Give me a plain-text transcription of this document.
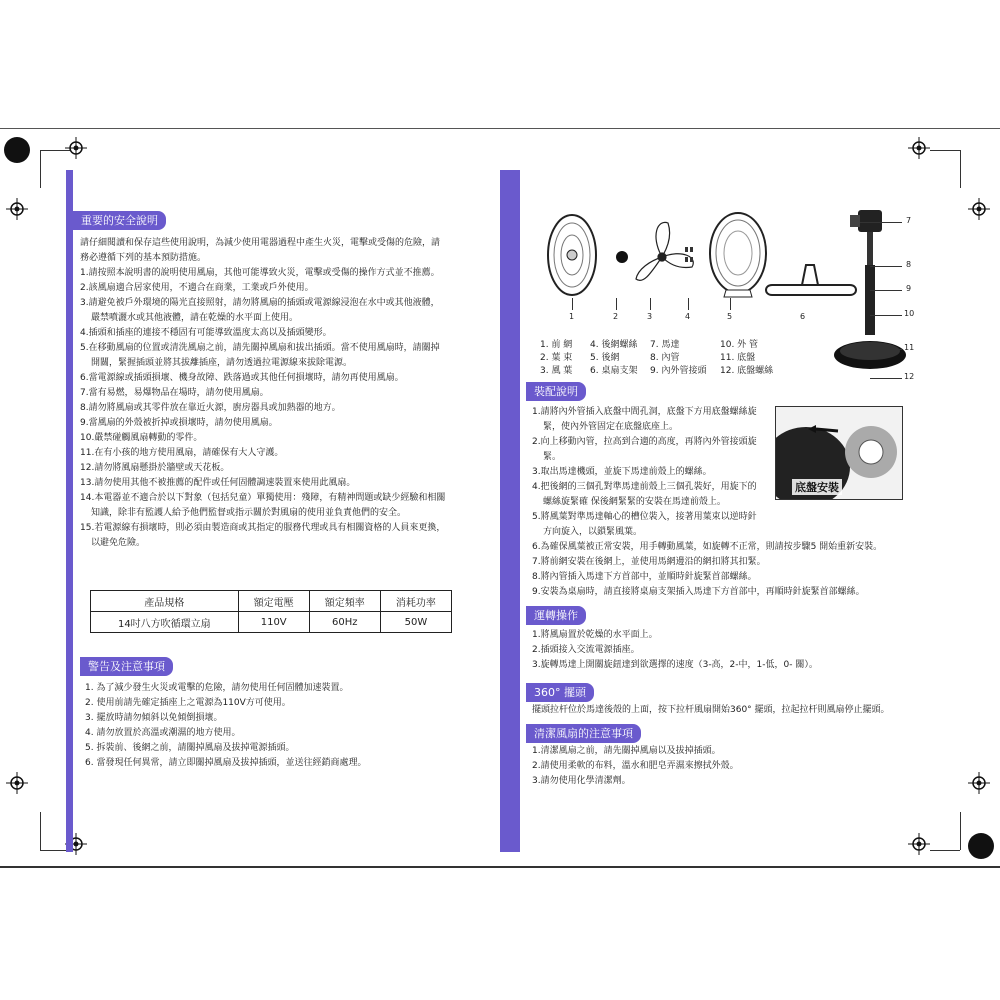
重要的安全說明

請仔細閱讀和保存這些使用說明，為減少使用電器過程中產生火災，電擊或受傷的危險，請

務必遵循下列的基本預防措施。

1.請按照本說明書的說明使用風扇，其他可能導致火災，電擊或受傷的操作方式並不推薦。

2.該風扇適合居家使用，不適合在商業，工業或戶外使用。

3.請避免被戶外環境的陽光直接照射，請勿將風扇的插頭或電源線浸泡在水中或其他液體，

嚴禁噴灑水或其他液體，請在乾燥的水平面上使用。

4.插頭和插座的連接不穩固有可能導致溫度太高以及插頭變形。

5.在移動風扇的位置或清洗風扇之前，請先關掉風扇和拔出插頭。當不使用風扇時，請關掉

開關，緊握插頭並將其拔離插座，請勿透過拉電源線來拔除電源。

6.當電源線或插頭損壞、機身故障、跌落過或其他任何損壞時，請勿再使用風扇。

7.當有易燃，易爆物品在場時，請勿使用風扇。

8.請勿將風扇或其零件放在靠近火源，廚房器具或加熱器的地方。

9.當風扇的外殼被折掉或損壞時，請勿使用風扇。

10.嚴禁碰觸風扇轉動的零件。

11.在有小孩的地方使用風扇，請確保有大人守護。

12.請勿將風扇懸掛於牆壁或天花板。

13.請勿使用其他不被推薦的配件或任何固體調速裝置來使用此風扇。

14.本電器並不適合於以下對象（包括兒童）單獨使用：殘障，有精神問題或缺少經驗和相關

知識，除非有監護人給予他們監督或指示關於對風扇的使用並負責他們的安全。

15.若電源線有損壞時，則必須由製造商或其指定的服務代理或具有相關資格的人員來更換，

以避免危險。

產品規格	額定電壓	額定頻率	消耗功率
14吋八方吹循環立扇	110V	60Hz	50W
警告及注意事項

1. 為了減少發生火災或電擊的危險，請勿使用任何固體加速裝置。

2. 使用前請先確定插座上之電源為110V方可使用。

3. 擺放時請勿傾斜以免傾倒損壞。

4. 請勿放置於高溫或潮濕的地方使用。

5. 拆裝前、後網之前，請關掉風扇及拔掉電源插頭。

6. 當發現任何異常，請立即關掉風扇及拔掉插頭，並送往經銷商處理。

1	2	3	4	5	6
7
8
9
10
11
12
1. 前 網 4. 後網螺絲 7. 馬達	10. 外 管
2. 葉 束 5. 後網	8. 內管	11. 底盤
3. 風 葉 6. 桌扇支架 9. 內外管接頭 12. 底盤螺絲
裝配說明
底盤安裝

1.請將內外管插入底盤中間孔洞，底盤下方用底盤螺絲旋

緊，使內外管固定在底盤底座上。

2.向上移動內管，拉高到合適的高度，再將內外管接頭旋

緊。

3.取出馬達機頭，並旋下馬達前殼上的螺絲。

4.把後網的三個孔對準馬達前殼上三個孔裝好，用旋下的

螺絲旋緊確 保後網緊緊的安裝在馬達前殼上。

5.將風葉對準馬達軸心的槽位裝入，接著用葉束以逆時針

方向旋入，以鎖緊風葉。

6.為確保風葉被正常安裝，用手轉動風葉，如旋轉不正常，則請按步驟5 開始重新安裝。

7.將前網安裝在後網上，並使用馬網邊沿的網扣將其扣緊。

8.將內管插入馬達下方首部中，並順時針旋緊首部螺絲。

9.安裝為桌扇時，請直接將桌扇支架插入馬達下方首部中，再順時針旋緊首部螺絲。

運轉操作

1.將風扇置於乾燥的水平面上。

2.插頭接入交流電源插座。

3.旋轉馬達上開關旋鈕達到欲選擇的速度（3-高，2-中，1-低，0- 關）。

360° 擺頭
擺頭拉杆位於馬達後殼的上面，按下拉杆風扇開始360° 擺頭，拉起拉杆則風扇停止擺頭。
清潔風扇的注意事項

1.清潔風扇之前，請先關掉風扇以及拔掉插頭。

2.請使用柔軟的布料，溫水和肥皂弄濕來擦拭外殼。

3.請勿使用化學清潔劑。
